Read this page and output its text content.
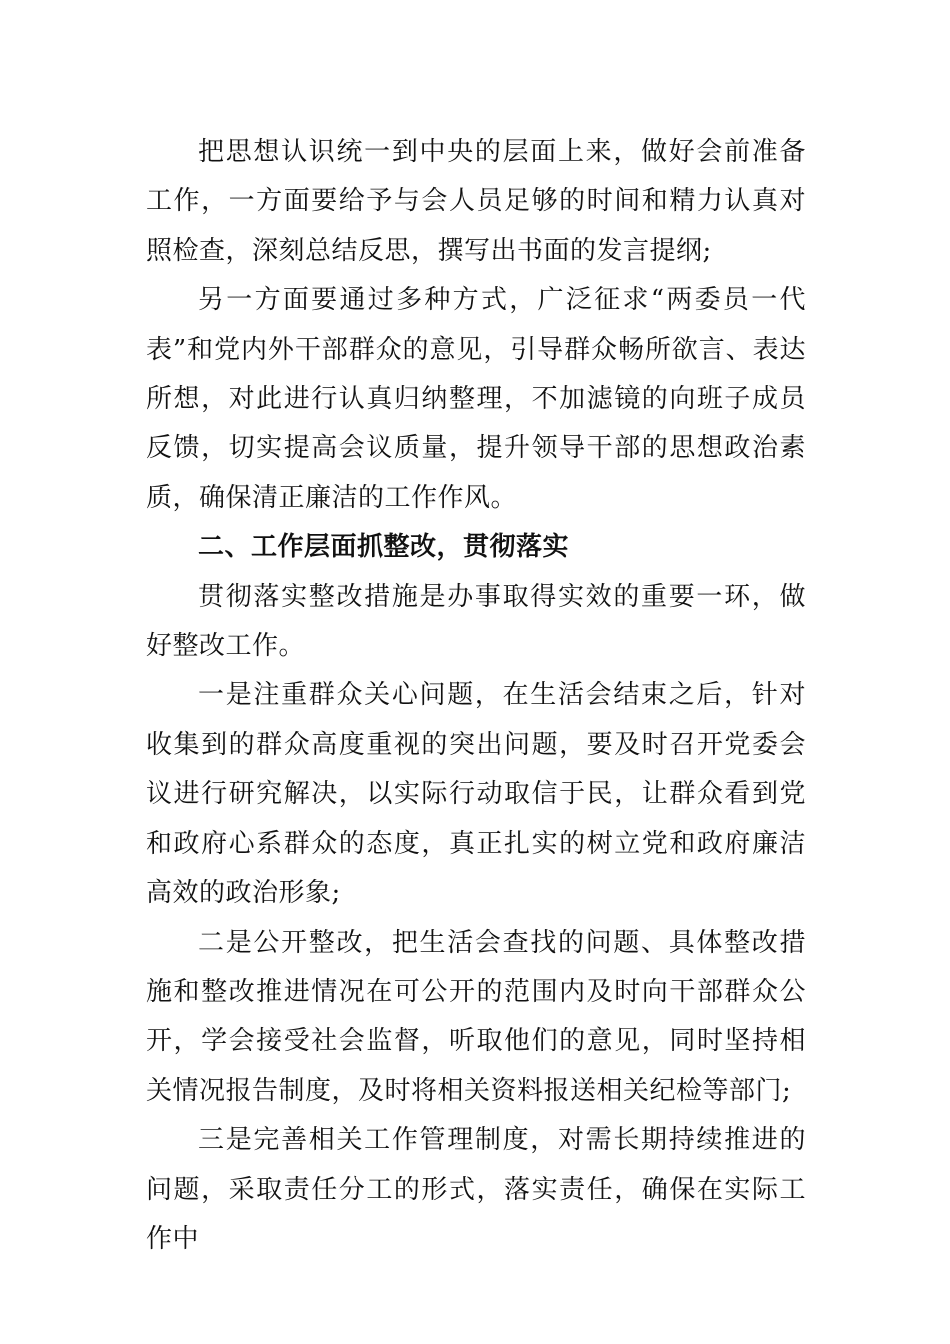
把思想认识统一到中央的层面上来，做好会前准备工作，一方面要给予与会人员足够的时间和精力认真对照检查，深刻总结反思，撰写出书面的发言提纲;

另一方面要通过多种方式，广泛征求“两委员一代表”和党内外干部群众的意见，引导群众畅所欲言、表达所想，对此进行认真归纳整理，不加滤镜的向班子成员反馈，切实提高会议质量，提升领导干部的思想政治素质，确保清正廉洁的工作作风。

二、工作层面抓整改，贯彻落实

贯彻落实整改措施是办事取得实效的重要一环，做好整改工作。

一是注重群众关心问题，在生活会结束之后，针对收集到的群众高度重视的突出问题，要及时召开党委会议进行研究解决，以实际行动取信于民，让群众看到党和政府心系群众的态度，真正扎实的树立党和政府廉洁高效的政治形象;

二是公开整改，把生活会查找的问题、具体整改措施和整改推进情况在可公开的范围内及时向干部群众公开，学会接受社会监督，听取他们的意见，同时坚持相关情况报告制度，及时将相关资料报送相关纪检等部门;

三是完善相关工作管理制度，对需长期持续推进的问题，采取责任分工的形式，落实责任，确保在实际工作中
